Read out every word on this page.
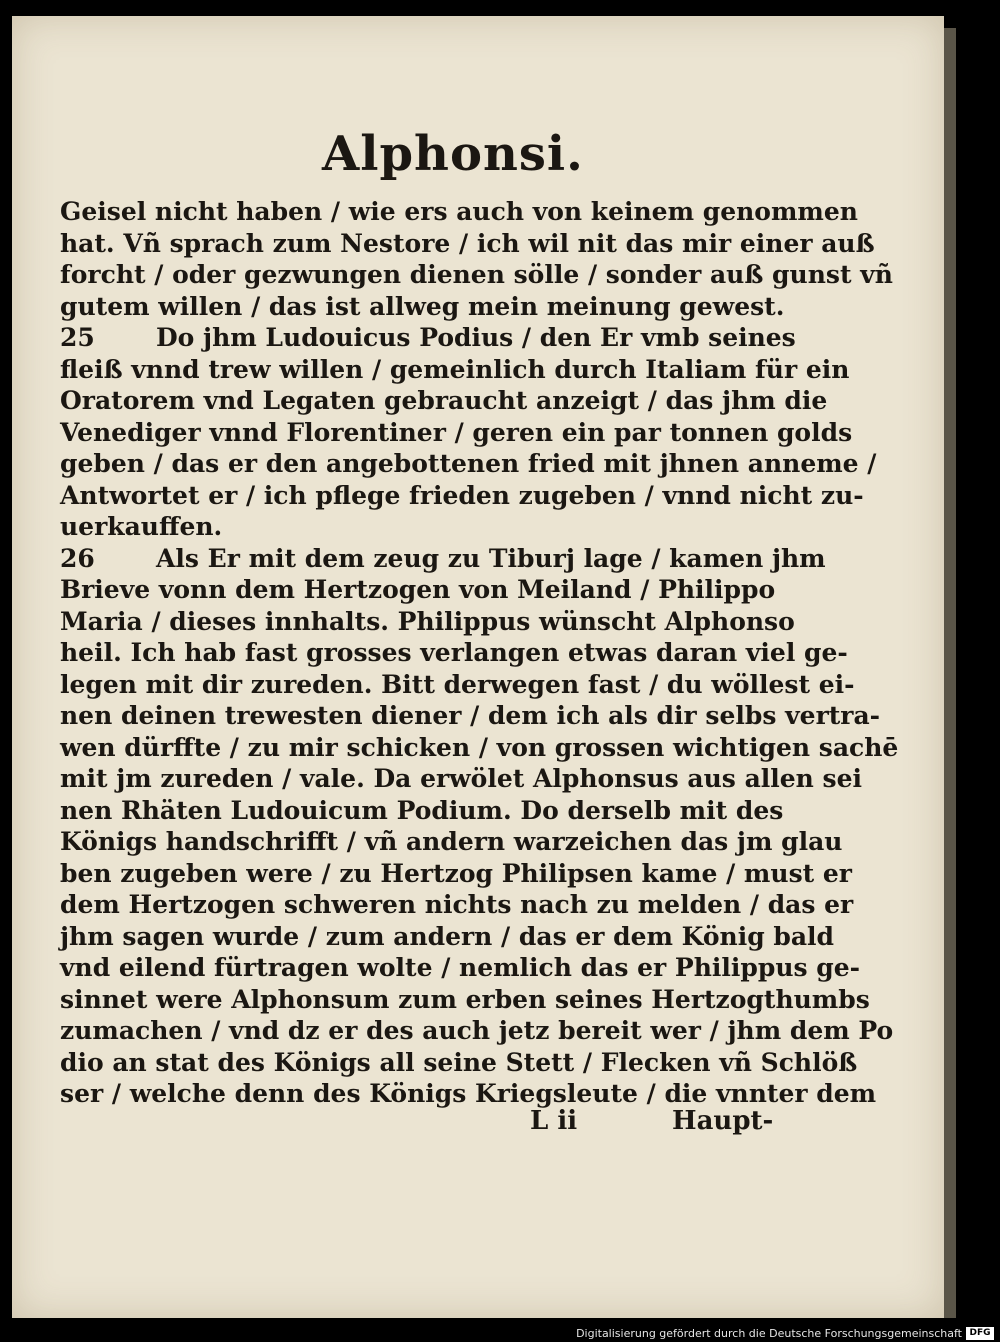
Alphonsi.
Geisel nicht haben / wie ers auch von keinem genommen
hat. Vñ sprach zum Nestore / ich wil nit das mir einer auß
forcht / oder gezwungen dienen sölle / sonder auß gunst vñ
gutem willen / das ist allweg mein meinung gewest.
25 Do jhm Ludouicus Podius / den Er vmb seines
fleiß vnnd trew willen / gemeinlich durch Italiam für ein
Oratorem vnd Legaten gebraucht anzeigt / das jhm die
Venediger vnnd Florentiner / geren ein par tonnen golds
geben / das er den angebottenen fried mit jhnen anneme /
Antwortet er / ich pflege frieden zugeben / vnnd nicht zu-
uerkauffen.
26 Als Er mit dem zeug zu Tiburj lage / kamen jhm
Brieve vonn dem Hertzogen von Meiland / Philippo
Maria / dieses innhalts. Philippus wünscht Alphonso
heil. Ich hab fast grosses verlangen etwas daran viel ge-
legen mit dir zureden. Bitt derwegen fast / du wöllest ei-
nen deinen trewesten diener / dem ich als dir selbs vertra-
wen dürffte / zu mir schicken / von grossen wichtigen sachē
mit jm zureden / vale. Da erwölet Alphonsus aus allen sei
nen Rhäten Ludouicum Podium. Do derselb mit des
Königs handschrifft / vñ andern warzeichen das jm glau
ben zugeben were / zu Hertzog Philipsen kame / must er
dem Hertzogen schweren nichts nach zu melden / das er
jhm sagen wurde / zum andern / das er dem König bald
vnd eilend fürtragen wolte / nemlich das er Philippus ge-
sinnet were Alphonsum zum erben seines Hertzogthumbs
zumachen / vnd dz er des auch jetz bereit wer / jhm dem Po
dio an stat des Königs all seine Stett / Flecken vñ Schlöß
ser / welche denn des Königs Kriegsleute / die vnnter dem
L ii	Haupt-
Digitalisierung gefördert durch die Deutsche Forschungsgemeinschaft DFG
